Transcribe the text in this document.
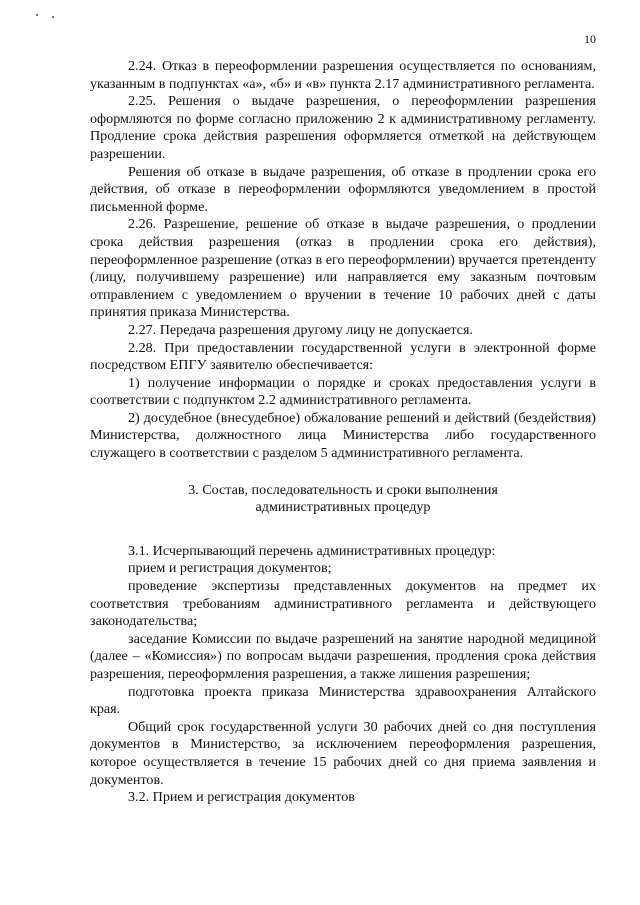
10

2.24. Отказ в переоформлении разрешения осуществляется по основаниям, указанным в подпунктах «а», «б» и «в» пункта 2.17 административного регламента.

2.25. Решения о выдаче разрешения, о переоформлении разрешения оформляются по форме согласно приложению 2 к административному регламенту. Продление срока действия разрешения оформляется отметкой на действующем разрешении.

Решения об отказе в выдаче разрешения, об отказе в продлении срока его действия, об отказе в переоформлении оформляются уведомлением в простой письменной форме.

2.26. Разрешение, решение об отказе в выдаче разрешения, о продлении срока действия разрешения (отказ в продлении срока его действия), переоформленное разрешение (отказ в его переоформлении) вручается претенденту (лицу, получившему разрешение) или направляется ему заказным почтовым отправлением с уведомлением о вручении в течение 10 рабочих дней с даты принятия приказа Министерства.

2.27. Передача разрешения другому лицу не допускается.

2.28. При предоставлении государственной услуги в электронной форме посредством ЕПГУ заявителю обеспечивается:

1) получение информации о порядке и сроках предоставления услуги в соответствии с подпунктом 2.2 административного регламента.

2) досудебное (внесудебное) обжалование решений и действий (бездействия) Министерства, должностного лица Министерства либо государственного служащего в соответствии с разделом 5 административного регламента.

3. Состав, последовательность и сроки выполнения административных процедур

3.1. Исчерпывающий перечень административных процедур:

прием и регистрация документов;

проведение экспертизы представленных документов на предмет их соответствия требованиям административного регламента и действующего законодательства;

заседание Комиссии по выдаче разрешений на занятие народной медициной (далее – «Комиссия») по вопросам выдачи разрешения, продления срока действия разрешения, переоформления разрешения, а также лишения разрешения;

подготовка проекта приказа Министерства здравоохранения Алтайского края.

Общий срок государственной услуги 30 рабочих дней со дня поступления документов в Министерство, за исключением переоформления разрешения, которое осуществляется в течение 15 рабочих дней со дня приема заявления и документов.

3.2. Прием и регистрация документов
